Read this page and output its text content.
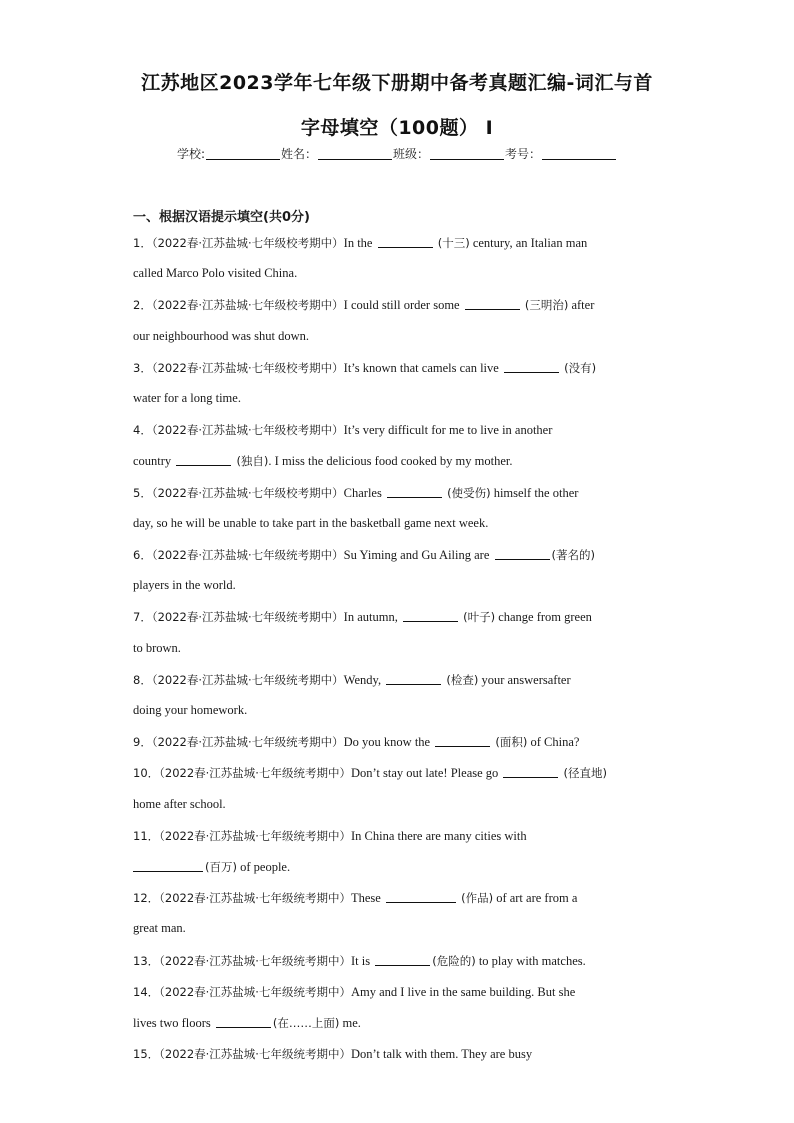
江苏地区2023学年七年级下册期中备考真题汇编-词汇与首
字母填空（100题） I
学校:	姓名：	班级：	考号：
一、根据汉语提示填空(共0分)
1．（2022春·江苏盐城·七年级校考期中）In the	(十三) century, an Italian man
called Marco Polo visited China.
2．（2022春·江苏盐城·七年级校考期中）I could still order some	(三明治) after
our neighbourhood was shut down.
3．（2022春·江苏盐城·七年级校考期中）It’s known that camels can live	(没有)
water for a long time.
4．（2022春·江苏盐城·七年级校考期中）It’s very difficult for me to live in another
country	(独自). I miss the delicious food cooked by my mother.
5．（2022春·江苏盐城·七年级校考期中）Charles	(使受伤) himself the other
day, so he will be unable to take part in the basketball game next week.
6．（2022春·江苏盐城·七年级统考期中）Su Yiming and Gu Ailing are	(著名的)
players in the world.
7．（2022春·江苏盐城·七年级统考期中）In autumn,	(叶子) change from green
to brown.
8．（2022春·江苏盐城·七年级统考期中）Wendy,	(检查) your answersafter
doing your homework.
9．（2022春·江苏盐城·七年级统考期中）Do you know the	(面积) of China?
10．（2022春·江苏盐城·七年级统考期中）Don’t stay out late! Please go	(径直地)
home after school.
11．（2022春·江苏盐城·七年级统考期中）In China there are many cities with
(百万) of people.
12．（2022春·江苏盐城·七年级统考期中）These	(作品) of art are from a
great man.
13．（2022春·江苏盐城·七年级统考期中）It is	(危险的) to play with matches.
14．（2022春·江苏盐城·七年级统考期中）Amy and I live in the same building. But she
lives two floors	(在……上面) me.
15．（2022春·江苏盐城·七年级统考期中）Don’t talk with them. They are busy
